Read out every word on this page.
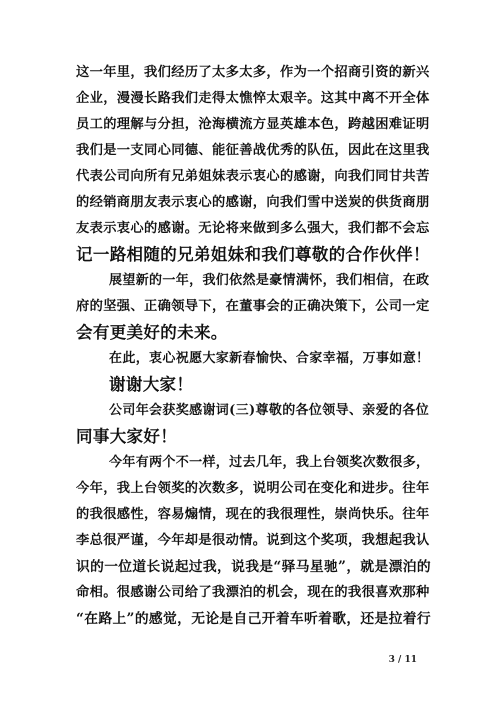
这一年里，我们经历了太多太多，作为一个招商引资的新兴
企业，漫漫长路我们走得太憔悴太艰辛。这其中离不开全体
员工的理解与分担，沧海横流方显英雄本色，跨越困难证明
我们是一支同心同德、能征善战优秀的队伍，因此在这里我
代表公司向所有兄弟姐妹表示衷心的感谢，向我们同甘共苦
的经销商朋友表示衷心的感谢，向我们雪中送炭的供货商朋
友表示衷心的感谢。无论将来做到多么强大，我们都不会忘
记一路相随的兄弟姐妹和我们尊敬的合作伙伴！
展望新的一年，我们依然是豪情满怀，我们相信，在政
府的坚强、正确领导下，在董事会的正确决策下，公司一定
会有更美好的未来。
在此，衷心祝愿大家新春愉快、合家幸福，万事如意！
谢谢大家！
公司年会获奖感谢词(三)尊敬的各位领导、亲爱的各位
同事大家好！
今年有两个不一样，过去几年，我上台领奖次数很多，
今年，我上台领奖的次数多，说明公司在变化和进步。往年
的我很感性，容易煽情，现在的我很理性，崇尚快乐。往年
李总很严谨，今年却是很动情。说到这个奖项，我想起我认
识的一位道长说起过我，说我是“驿马星驰”，就是漂泊的
命相。很感谢公司给了我漂泊的机会，现在的我很喜欢那种
“在路上”的感觉，无论是自己开着车听着歌，还是拉着行
3 / 11
